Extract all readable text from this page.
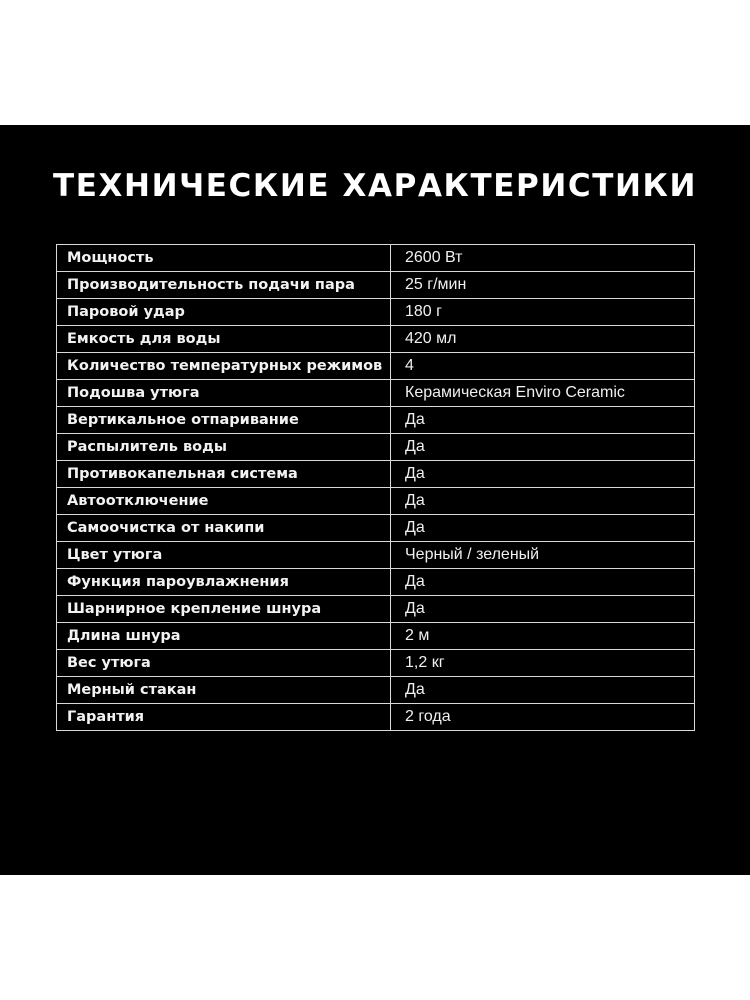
ТЕХНИЧЕСКИЕ ХАРАКТЕРИСТИКИ
Мощность	2600 Вт
Производительность подачи пара	25 г/мин
Паровой удар	180 г
Емкость для воды	420 мл
Количество температурных режимов	4
Подошва утюга	Керамическая Enviro Ceramic
Вертикальное отпаривание	Да
Распылитель воды	Да
Противокапельная система	Да
Автоотключение	Да
Самоочистка от накипи	Да
Цвет утюга	Черный / зеленый
Функция пароувлажнения	Да
Шарнирное крепление шнура	Да
Длина шнура	2 м
Вес утюга	1,2 кг
Мерный стакан	Да
Гарантия	2 года
